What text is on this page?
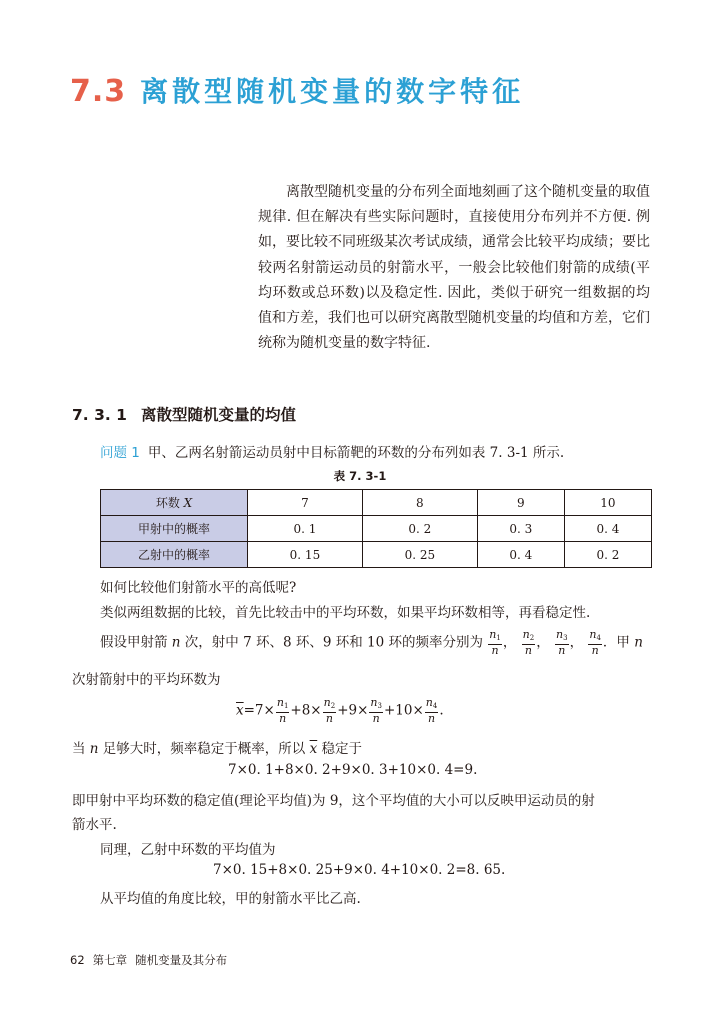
7.3 离散型随机变量的数字特征

离散型随机变量的分布列全面地刻画了这个随机变量的取值规律. 但在解决有些实际问题时，直接使用分布列并不方便. 例如，要比较不同班级某次考试成绩，通常会比较平均成绩；要比较两名射箭运动员的射箭水平，一般会比较他们射箭的成绩(平均环数或总环数)以及稳定性. 因此，类似于研究一组数据的均值和方差，我们也可以研究离散型随机变量的均值和方差，它们统称为随机变量的数字特征.

7. 3. 1 离散型随机变量的均值
问题 1 甲、乙两名射箭运动员射中目标箭靶的环数的分布列如表 7. 3-1 所示.
表 7. 3-1
环数 X	7	8	9	10
甲射中的概率	0. 1	0. 2	0. 3	0. 4
乙射中的概率	0. 15	0. 25	0. 4	0. 2
如何比较他们射箭水平的高低呢?
类似两组数据的比较，首先比较击中的平均环数，如果平均环数相等，再看稳定性.
假设甲射箭 n 次，射中 7 环、8 环、9 环和 10 环的频率分别为 $\frac{n_1}{n}$ ， $\frac{n_2}{n}$ ， $\frac{n_3}{n}$ ， $\frac{n_4}{n}$ ．甲 n
次射箭射中的平均环数为
$\overline{x}=7\times \frac{n_1}{n} +8\times \frac{n_2}{n} +9\times \frac{n_3}{n} +10\times \frac{n_4}{n}$ .
当 n 足够大时，频率稳定于概率，所以 $\overline{x}$ 稳定于
7×0. 1+8×0. 2+9×0. 3+10×0. 4=9.
即甲射中平均环数的稳定值(理论平均值)为 9，这个平均值的大小可以反映甲运动员的射
箭水平.
同理，乙射中环数的平均值为
7×0. 15+8×0. 25+9×0. 4+10×0. 2=8. 65.
从平均值的角度比较，甲的射箭水平比乙高.
62 第七章 随机变量及其分布
